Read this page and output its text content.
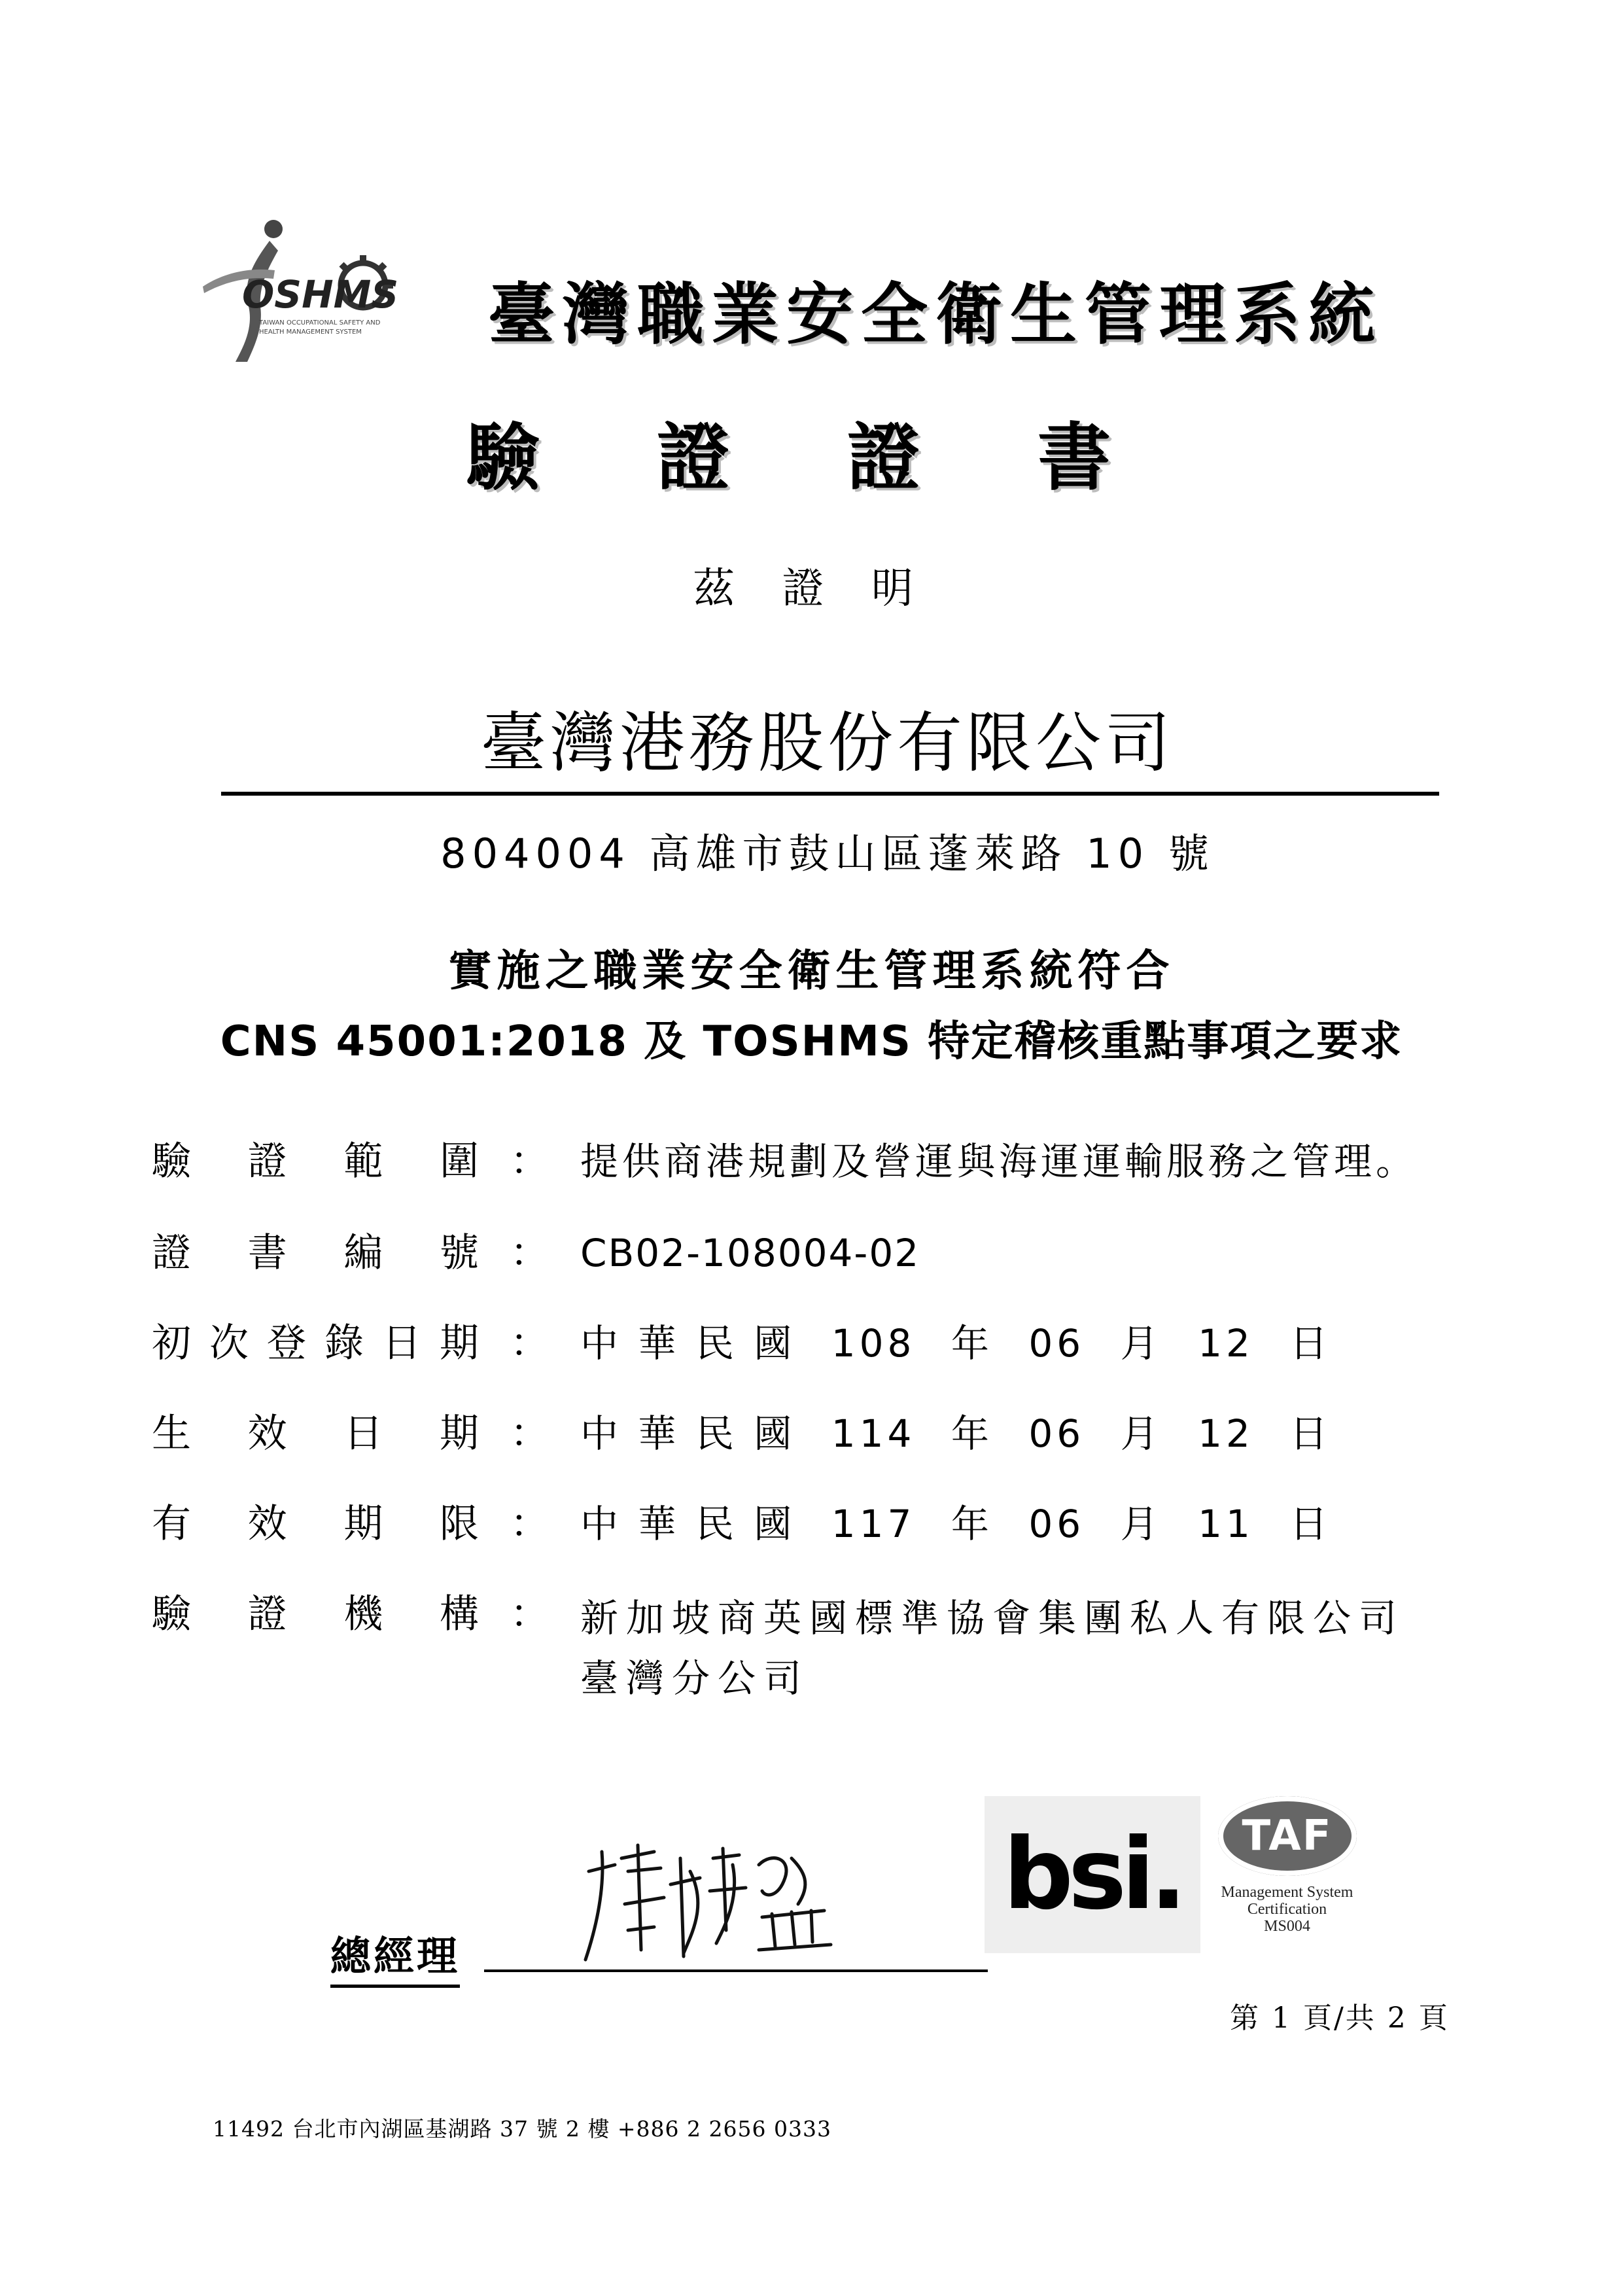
OSHMS
TAIWAN OCCUPATIONAL SAFETY AND
HEALTH MANAGEMENT SYSTEM	臺灣職業安全衛生管理系統
驗 證 證 書
茲 證 明
臺灣港務股份有限公司
804004 高雄市鼓山區蓬萊路 10 號
實施之職業安全衛生管理系統符合
CNS 45001:2018 及 TOSHMS 特定稽核重點事項之要求
驗 證 範 圍 ： 提供商港規劃及營運與海運運輸服務之管理。
證 書 編 號 ： CB02-108004-02
初 次 登 錄 日 期 ： 中 華 民 國 108 年 06 月 12 日
生 效 日 期 ： 中 華 民 國 114 年 06 月 12 日
有 效 期 限 ： 中 華 民 國 117 年 06 月 11 日
驗 證 機 構 ： 新加坡商英國標準協會集團私人有限公司
臺灣分公司
總經理
bsi. TAF
Management System
Certification
MS004
第 1 頁/共 2 頁
11492 台北市內湖區基湖路 37 號 2 樓 +886 2 2656 0333
